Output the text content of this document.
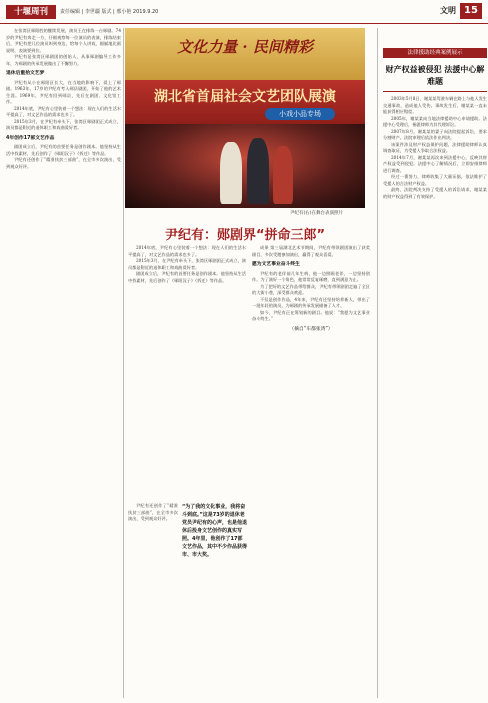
十堰周刊	责任编辑 | 李世疆 版式 | 邢小艳 2019.9.20	文明 15

在张湾区郧阳腔的继续发展，演员王在排练一台郧剧。74岁的尹纪有奔走一方，仔细观察每一位演员的表演，排练结束后，尹纪有把几位演员叫到身边，给每个人讲戏，细腻地比画说明，表演要到位。

尹纪有是张湾区郧剧团的创始人，从事郧剧编导工作多年，为郧剧的传承发展做出了不懈努力。

退休后重拾文艺梦

尹纪有从小在郧阳区长大，在当地的影响下，爱上了郧剧。1963年，17岁的尹纪有考入郧县剧团，开始了他的艺术生涯。1969年，尹纪有回到郧县，先后在剧团、文化馆工作。

2014年底，尹纪有心里装着一个想法：现在人们的生活水平提高了，对文艺作品的需求也多了。

2015年3月，在尹纪有牵头下，张湾区郧剧团正式成立，演员都是附近的退休职工和戏曲爱好者。

4年创作17部文艺作品

剧团成立后，尹纪有的首要任务是创作剧本。他坚持从生活中找素材，先后创作了《郧阳汉子》《拆迁》等作品。

尹纪有还创作了“精准扶贫三部曲”，在全市多次演出，受到观众好评。

文化力量 · 民间精彩
湖北省首届社会文艺团队展演
小戏小品专场
尹纪有(右)在舞台表演照片
尹纪有：郧剧界“拼命三郎”

2014年底，尹纪有心里装着一个想法：现在人们的生活水平提高了，对文艺作品的需求也多了。

2015年3月，在尹纪有牵头下，张湾区郧剧团正式成立，演员都是附近的退休职工和戏曲爱好者。

剧团成立后，尹纪有的首要任务是创作剧本。他坚持从生活中找素材，先后创作了《郧阳汉子》《拆迁》等作品。

成果 第三届湖北艺术节期间，尹纪有带领剧团演出了获奖剧目，多次受邀参加演出，赢得了观众喜爱。

愿为文艺事业奋斗终生

尹纪有的老伴前几年生病，他一边照顾老伴，一边坚持创作。为了演好一个角色，他常常反复琢磨，直到满意为止。

为了把好的文艺作品带给群众，尹纪有带领剧团走遍了全区的大街小巷，深受群众欢迎。

不仅是创作作品，4年来，尹纪有还坚持培养新人，带出了一批年轻的演员，为郧剧的传承发展储备了人才。

如今，尹纪有正在筹划新的剧目。他说：“我愿为文艺事业奋斗终生。”

（摘自“车都张湾”）
“为了我的文化事业，我将奋斗到底。”这是73岁的退休老党员尹纪有的心声，也是他退休后投身文艺创作的真实写照。4年里，他创作了17部文艺作品，其中不少作品获得市、市大奖。

尹纪有还创作了“精准扶贫三部曲”，在全市多次演出，受到观众好评。

法律援助经典案例展示
财产权益被侵犯 法援中心解难题

2003年5月8日，谢某某驾驶车辆在路上与他人发生交通事故，造成他人受伤。事故发生后，谢某某一直未能获得相应赔偿。

2005年，谢某某向当地法律援助中心申请援助。法援中心受理后，指派律师为其代理诉讼。

2007年8月，谢某某的妻子向法院提起诉讼，要求分割财产。法院审理后依法作出判决。

该案件涉及财产权益保护问题，法律援助律师认真调查取证，为受援人争取合法权益。

2014年7月，谢某某再次来到法援中心，反映其财产权益受到侵犯。法援中心了解情况后，立即安排律师进行调查。

经过一番努力，律师收集了大量证据，依法维护了受援人的合法财产权益。

最终，法院判决支持了受援人的诉讼请求，谢某某的财产权益得到了有效保护。
